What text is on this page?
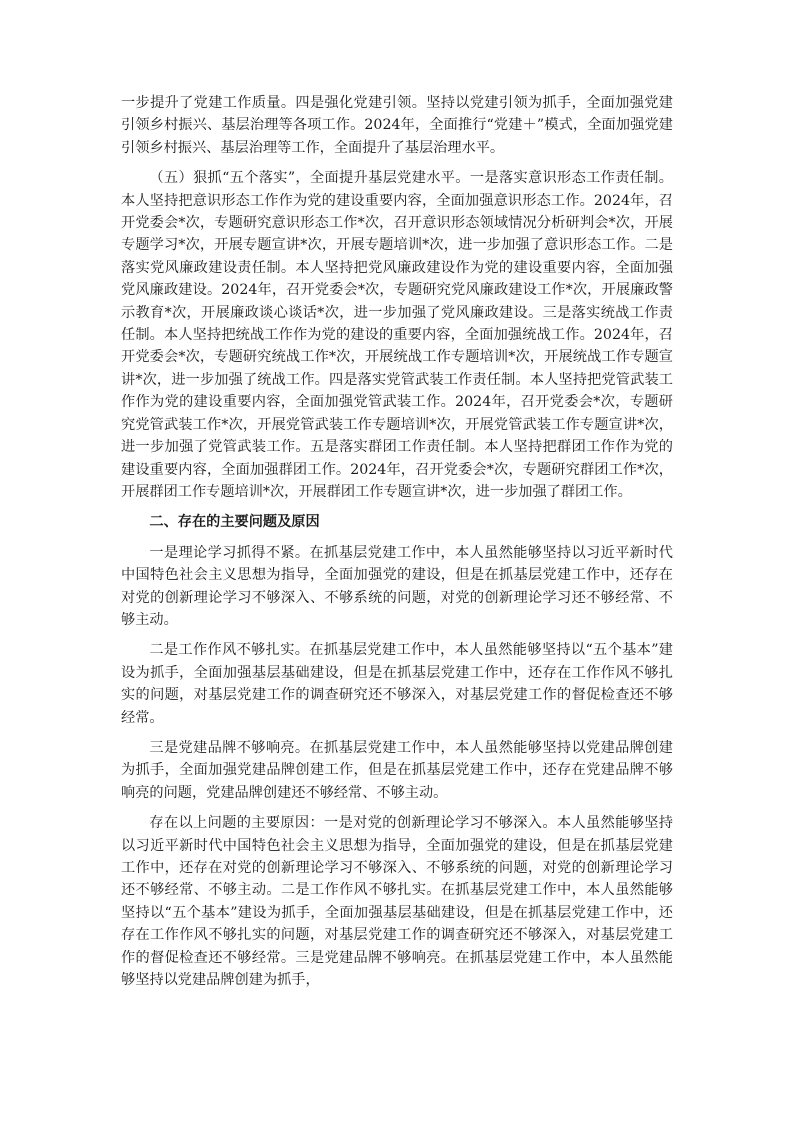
一步提升了党建工作质量。四是强化党建引领。坚持以党建引领为抓手，全面加强党建引领乡村振兴、基层治理等各项工作。2024年，全面推行“党建＋”模式，全面加强党建引领乡村振兴、基层治理等工作，全面提升了基层治理水平。

（五）狠抓“五个落实”，全面提升基层党建水平。一是落实意识形态工作责任制。本人坚持把意识形态工作作为党的建设重要内容，全面加强意识形态工作。2024年，召开党委会*次，专题研究意识形态工作*次，召开意识形态领域情况分析研判会*次，开展专题学习*次，开展专题宣讲*次，开展专题培训*次，进一步加强了意识形态工作。二是落实党风廉政建设责任制。本人坚持把党风廉政建设作为党的建设重要内容，全面加强党风廉政建设。2024年，召开党委会*次，专题研究党风廉政建设工作*次，开展廉政警示教育*次，开展廉政谈心谈话*次，进一步加强了党风廉政建设。三是落实统战工作责任制。本人坚持把统战工作作为党的建设的重要内容，全面加强统战工作。2024年，召开党委会*次，专题研究统战工作*次，开展统战工作专题培训*次，开展统战工作专题宣讲*次，进一步加强了统战工作。四是落实党管武装工作责任制。本人坚持把党管武装工作作为党的建设重要内容，全面加强党管武装工作。2024年，召开党委会*次，专题研究党管武装工作*次，开展党管武装工作专题培训*次，开展党管武装工作专题宣讲*次，进一步加强了党管武装工作。五是落实群团工作责任制。本人坚持把群团工作作为党的建设重要内容，全面加强群团工作。2024年，召开党委会*次，专题研究群团工作*次，开展群团工作专题培训*次，开展群团工作专题宣讲*次，进一步加强了群团工作。

二、存在的主要问题及原因

一是理论学习抓得不紧。在抓基层党建工作中，本人虽然能够坚持以习近平新时代中国特色社会主义思想为指导，全面加强党的建设，但是在抓基层党建工作中，还存在对党的创新理论学习不够深入、不够系统的问题，对党的创新理论学习还不够经常、不够主动。

二是工作作风不够扎实。在抓基层党建工作中，本人虽然能够坚持以“五个基本”建设为抓手，全面加强基层基础建设，但是在抓基层党建工作中，还存在工作作风不够扎实的问题，对基层党建工作的调查研究还不够深入，对基层党建工作的督促检查还不够经常。

三是党建品牌不够响亮。在抓基层党建工作中，本人虽然能够坚持以党建品牌创建为抓手，全面加强党建品牌创建工作，但是在抓基层党建工作中，还存在党建品牌不够响亮的问题，党建品牌创建还不够经常、不够主动。

存在以上问题的主要原因：一是对党的创新理论学习不够深入。本人虽然能够坚持以习近平新时代中国特色社会主义思想为指导，全面加强党的建设，但是在抓基层党建工作中，还存在对党的创新理论学习不够深入、不够系统的问题，对党的创新理论学习还不够经常、不够主动。二是工作作风不够扎实。在抓基层党建工作中，本人虽然能够坚持以“五个基本”建设为抓手，全面加强基层基础建设，但是在抓基层党建工作中，还存在工作作风不够扎实的问题，对基层党建工作的调查研究还不够深入，对基层党建工作的督促检查还不够经常。三是党建品牌不够响亮。在抓基层党建工作中，本人虽然能够坚持以党建品牌创建为抓手，
